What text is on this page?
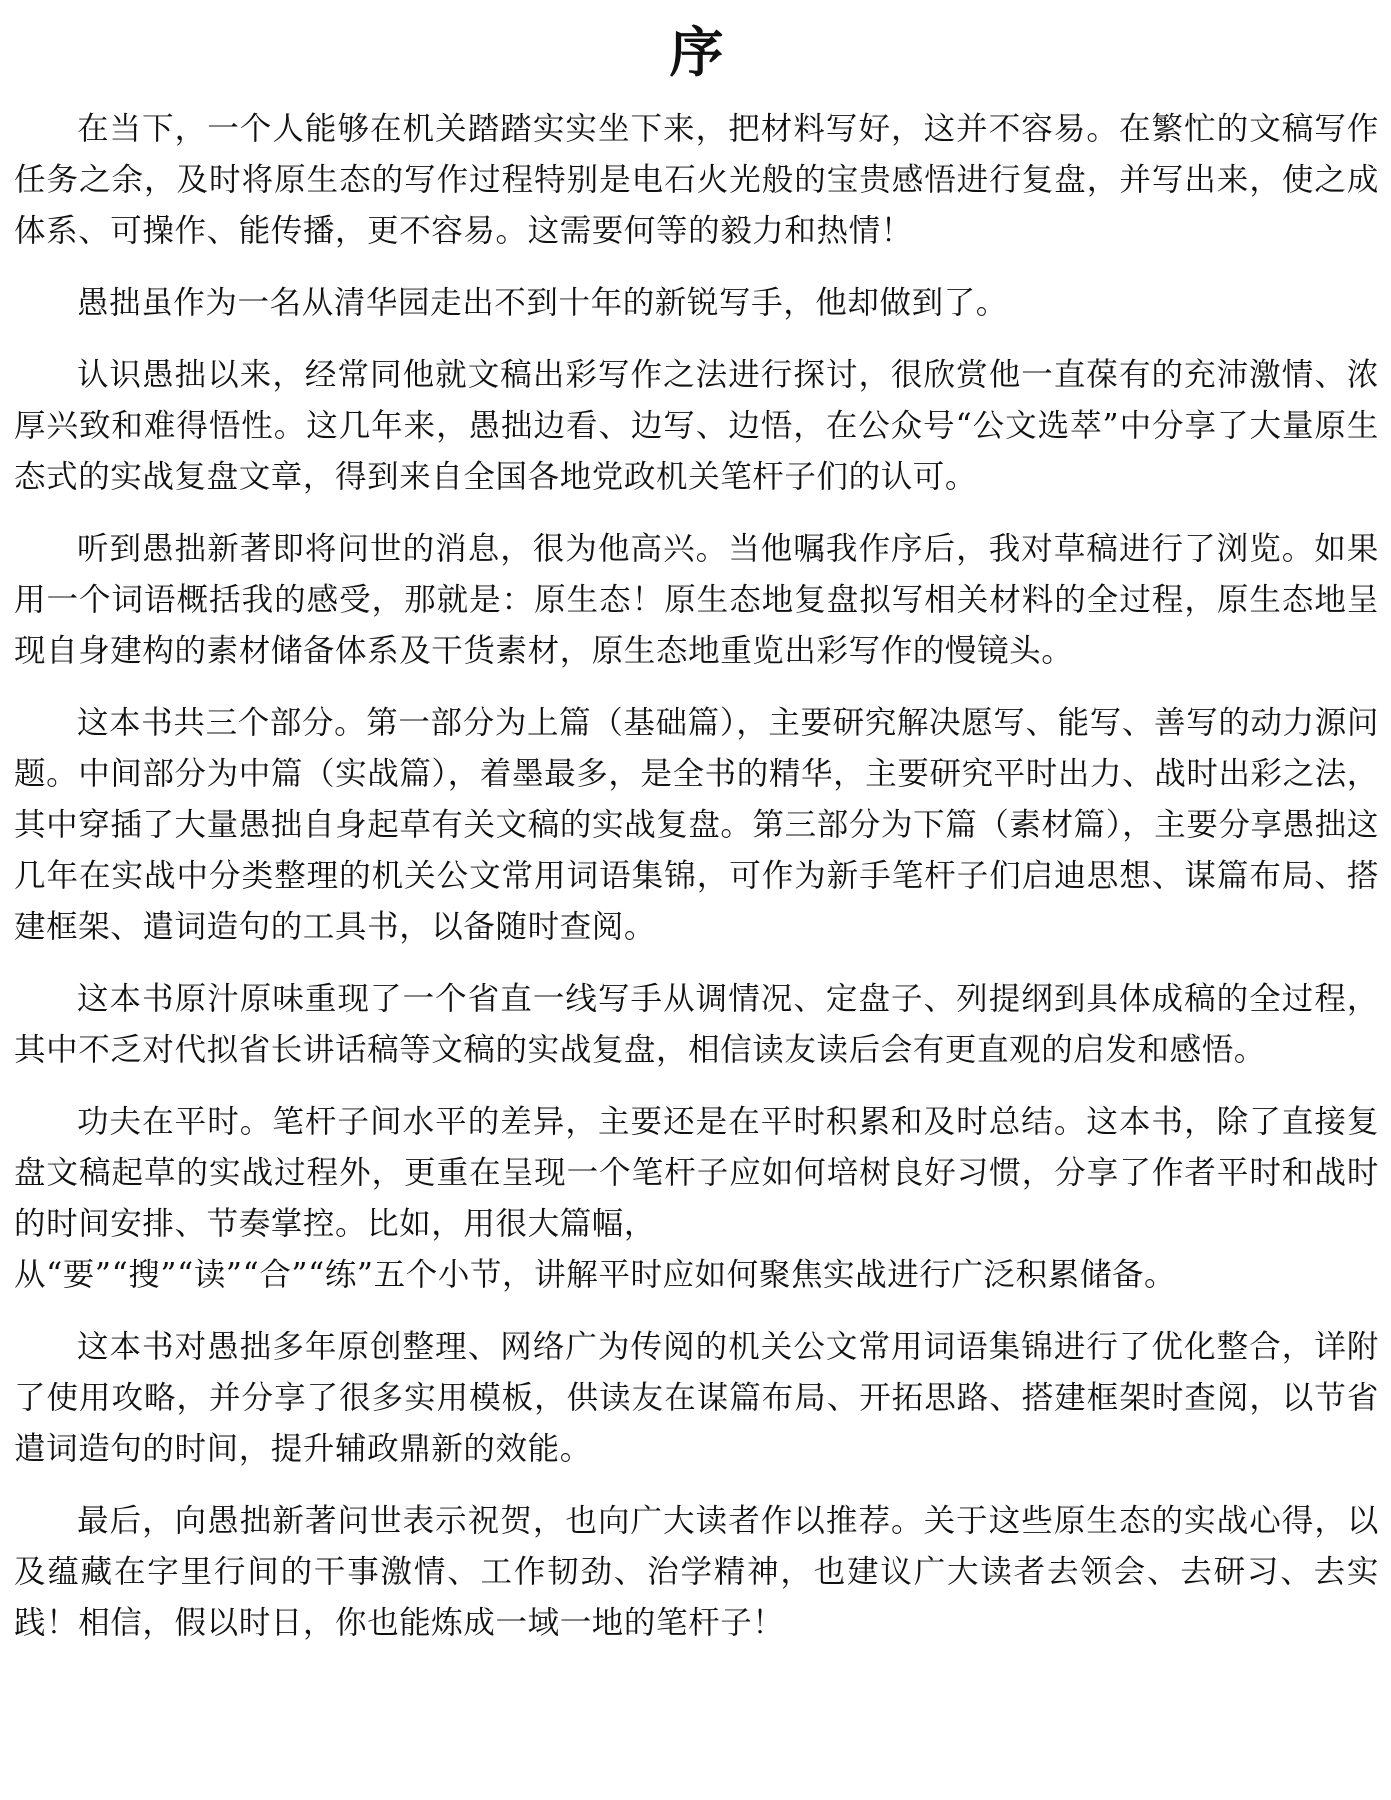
序

在当下，一个人能够在机关踏踏实实坐下来，把材料写好，这并不容易。在繁忙的文稿写作任务之余，及时将原生态的写作过程特别是电石火光般的宝贵感悟进行复盘，并写出来，使之成体系、可操作、能传播，更不容易。这需要何等的毅力和热情！

愚拙虽作为一名从清华园走出不到十年的新锐写手，他却做到了。

认识愚拙以来，经常同他就文稿出彩写作之法进行探讨，很欣赏他一直葆有的充沛激情、浓厚兴致和难得悟性。这几年来，愚拙边看、边写、边悟，在公众号“公文选萃”中分享了大量原生态式的实战复盘文章，得到来自全国各地党政机关笔杆子们的认可。

听到愚拙新著即将问世的消息，很为他高兴。当他嘱我作序后，我对草稿进行了浏览。如果用一个词语概括我的感受，那就是：原生态！原生态地复盘拟写相关材料的全过程，原生态地呈现自身建构的素材储备体系及干货素材，原生态地重览出彩写作的慢镜头。

这本书共三个部分。第一部分为上篇（基础篇），主要研究解决愿写、能写、善写的动力源问题。中间部分为中篇（实战篇），着墨最多，是全书的精华，主要研究平时出力、战时出彩之法，其中穿插了大量愚拙自身起草有关文稿的实战复盘。第三部分为下篇（素材篇），主要分享愚拙这几年在实战中分类整理的机关公文常用词语集锦，可作为新手笔杆子们启迪思想、谋篇布局、搭建框架、遣词造句的工具书，以备随时查阅。

这本书原汁原味重现了一个省直一线写手从调情况、定盘子、列提纲到具体成稿的全过程，其中不乏对代拟省长讲话稿等文稿的实战复盘，相信读友读后会有更直观的启发和感悟。

功夫在平时。笔杆子间水平的差异，主要还是在平时积累和及时总结。这本书，除了直接复盘文稿起草的实战过程外，更重在呈现一个笔杆子应如何培树良好习惯，分享了作者平时和战时的时间安排、节奏掌控。比如，用很大篇幅，
从“要”“搜”“读”“合”“练”五个小节，讲解平时应如何聚焦实战进行广泛积累储备。

这本书对愚拙多年原创整理、网络广为传阅的机关公文常用词语集锦进行了优化整合，详附了使用攻略，并分享了很多实用模板，供读友在谋篇布局、开拓思路、搭建框架时查阅，以节省遣词造句的时间，提升辅政鼎新的效能。

最后，向愚拙新著问世表示祝贺，也向广大读者作以推荐。关于这些原生态的实战心得，以及蕴藏在字里行间的干事激情、工作韧劲、治学精神，也建议广大读者去领会、去研习、去实践！相信，假以时日，你也能炼成一域一地的笔杆子！
